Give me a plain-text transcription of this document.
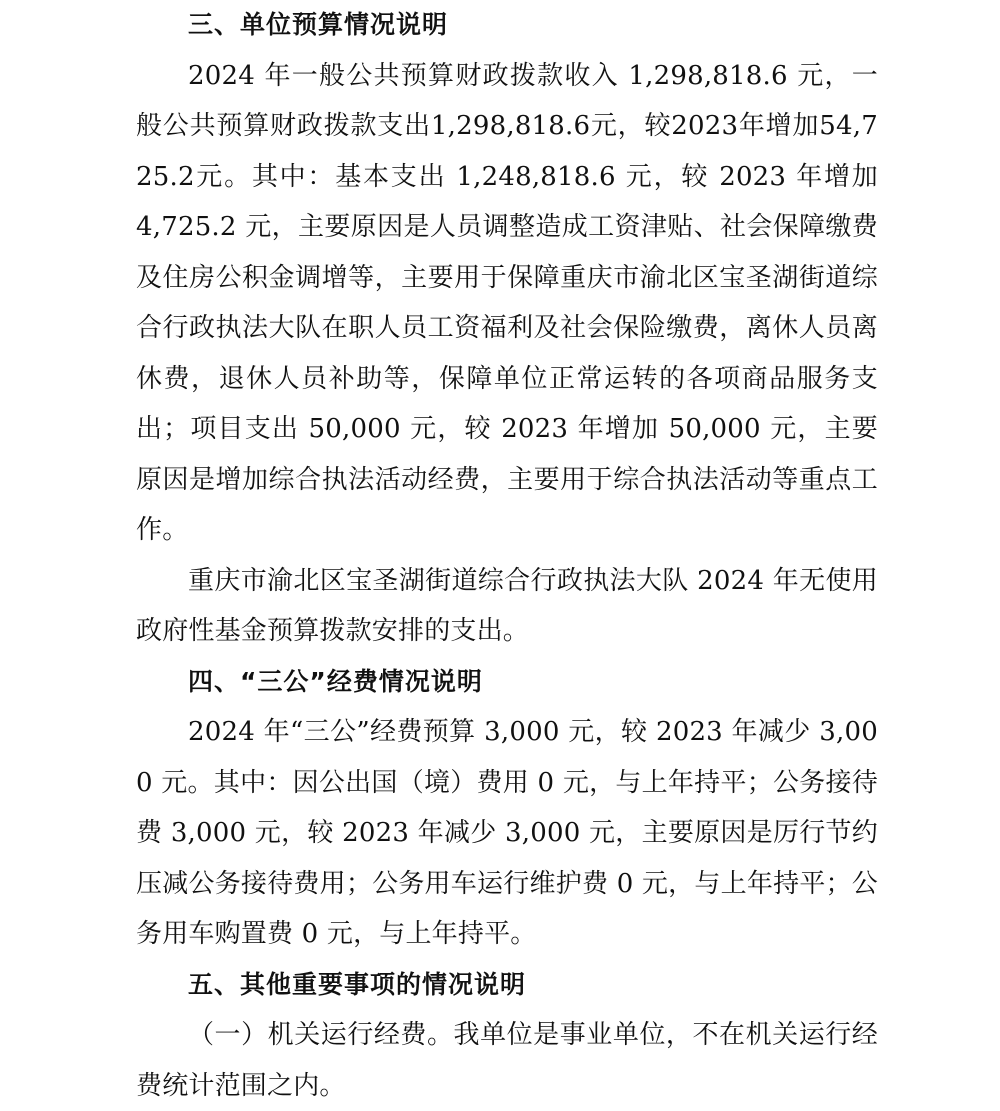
三、单位预算情况说明

2024 年一般公共预算财政拨款收入 1,298,818.6 元，一般公共预算财政拨款支出1,298,818.6元，较2023年增加54,725.2元。其中：基本支出 1,248,818.6 元，较 2023 年增加 4,725.2 元，主要原因是人员调整造成工资津贴、社会保障缴费及住房公积金调增等，主要用于保障重庆市渝北区宝圣湖街道综合行政执法大队在职人员工资福利及社会保险缴费，离休人员离休费，退休人员补助等，保障单位正常运转的各项商品服务支出；项目支出 50,000 元，较 2023 年增加 50,000 元，主要原因是增加综合执法活动经费，主要用于综合执法活动等重点工作。

重庆市渝北区宝圣湖街道综合行政执法大队 2024 年无使用政府性基金预算拨款安排的支出。

四、“三公”经费情况说明

2024 年“三公”经费预算 3,000 元，较 2023 年减少 3,000 元。其中：因公出国（境）费用 0 元，与上年持平；公务接待费 3,000 元，较 2023 年减少 3,000 元，主要原因是厉行节约压减公务接待费用；公务用车运行维护费 0 元，与上年持平；公务用车购置费 0 元，与上年持平。

五、其他重要事项的情况说明

（一）机关运行经费。我单位是事业单位，不在机关运行经费统计范围之内。
